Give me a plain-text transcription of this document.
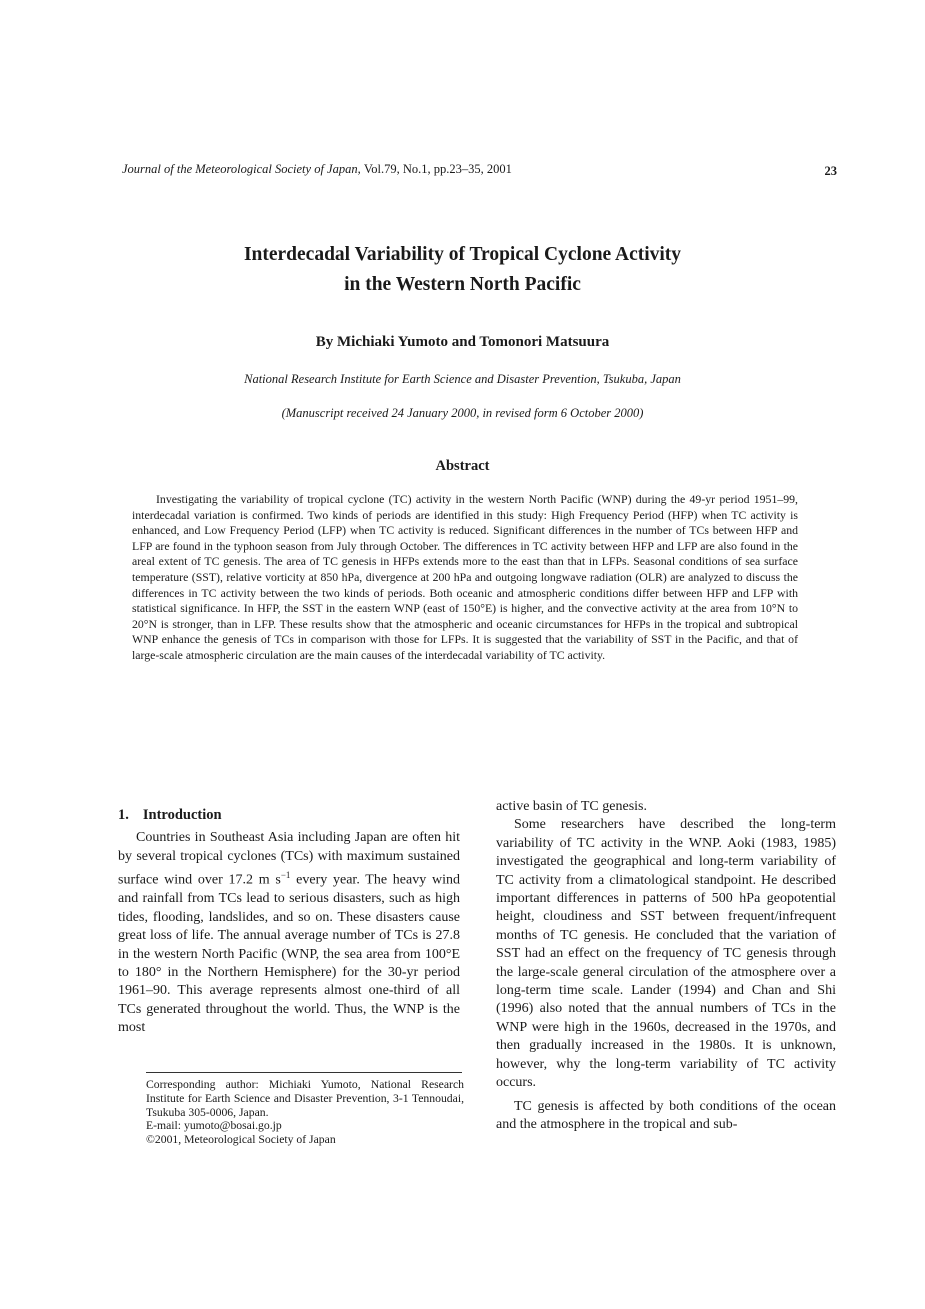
Journal of the Meteorological Society of Japan, Vol.79, No.1, pp.23–35, 2001	23
Interdecadal Variability of Tropical Cyclone Activity
in the Western North Pacific
By Michiaki Yumoto and Tomonori Matsuura
National Research Institute for Earth Science and Disaster Prevention, Tsukuba, Japan
(Manuscript received 24 January 2000, in revised form 6 October 2000)
Abstract

Investigating the variability of tropical cyclone (TC) activity in the western North Pacific (WNP) during the 49-yr period 1951–99, interdecadal variation is confirmed. Two kinds of periods are identified in this study: High Frequency Period (HFP) when TC activity is enhanced, and Low Frequency Period (LFP) when TC activity is reduced. Significant differences in the number of TCs between HFP and LFP are found in the typhoon season from July through October. The differences in TC activity between HFP and LFP are also found in the areal extent of TC genesis. The area of TC genesis in HFPs extends more to the east than that in LFPs. Seasonal conditions of sea surface temperature (SST), relative vorticity at 850 hPa, divergence at 200 hPa and outgoing longwave radiation (OLR) are analyzed to discuss the differences in TC activity between the two kinds of periods. Both oceanic and atmospheric conditions differ between HFP and LFP with statistical significance. In HFP, the SST in the eastern WNP (east of 150°E) is higher, and the convective activity at the area from 10°N to 20°N is stronger, than in LFP. These results show that the atmospheric and oceanic circumstances for HFPs in the tropical and subtropical WNP enhance the genesis of TCs in comparison with those for LFPs. It is suggested that the variability of SST in the Pacific, and that of large-scale atmospheric circulation are the main causes of the interdecadal variability of TC activity.

1. Introduction

Countries in Southeast Asia including Japan are often hit by several tropical cyclones (TCs) with maximum sustained surface wind over 17.2 m $s^{-1}$ every year. The heavy wind and rainfall from TCs lead to serious disasters, such as high tides, flooding, landslides, and so on. These disasters cause great loss of life. The annual average number of TCs is 27.8 in the western North Pacific (WNP, the sea area from 100°E to 180° in the Northern Hemisphere) for the 30-yr period 1961–90. This average represents almost one-third of all TCs generated throughout the world. Thus, the WNP is the most

active basin of TC genesis.

Some researchers have described the long-term variability of TC activity in the WNP. Aoki (1983, 1985) investigated the geographical and long-term variability of TC activity from a climatological standpoint. He described important differences in patterns of 500 hPa geopotential height, cloudiness and SST between frequent/infrequent months of TC genesis. He concluded that the variation of SST had an effect on the frequency of TC genesis through the large-scale general circulation of the atmosphere over a long-term time scale. Lander (1994) and Chan and Shi (1996) also noted that the annual numbers of TCs in the WNP were high in the 1960s, decreased in the 1970s, and then gradually increased in the 1980s. It is unknown, however, why the long-term variability of TC activity occurs.

TC genesis is affected by both conditions of the ocean and the atmosphere in the tropical and sub-

Corresponding author: Michiaki Yumoto, National Research Institute for Earth Science and Disaster Prevention, 3-1 Tennoudai, Tsukuba 305-0006, Japan.

E-mail: yumoto@bosai.go.jp
©2001, Meteorological Society of Japan
